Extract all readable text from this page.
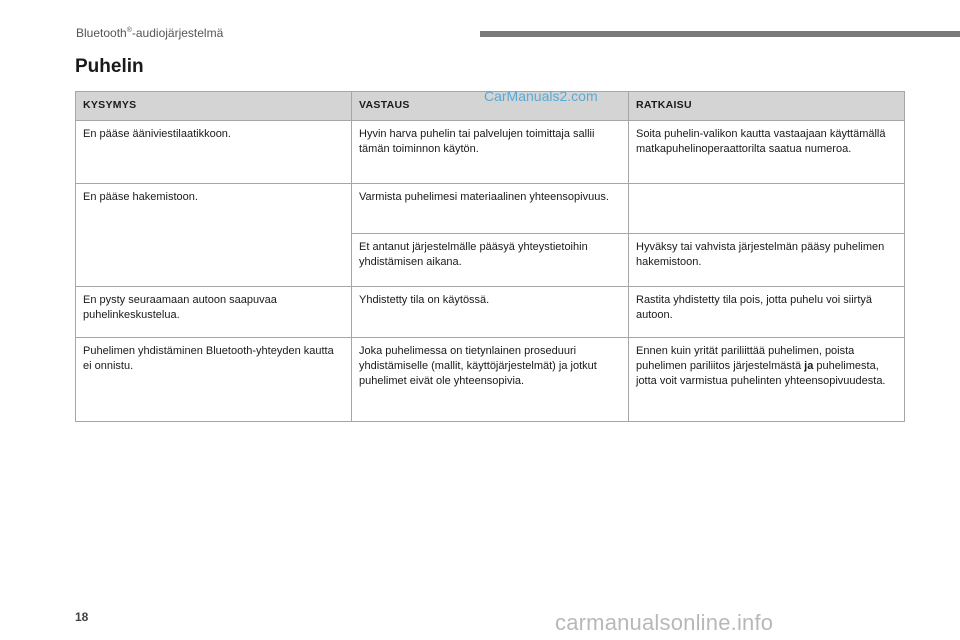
Bluetooth®-audiojärjestelmä
Puhelin
KYSYMYS	VASTAUS	RATKAISU
En pääse ääniviestilaatikkoon.	Hyvin harva puhelin tai palvelujen toimittaja sallii tämän toiminnon käytön.	Soita puhelin-valikon kautta vastaajaan käyttämällä matkapuhelinoperaattorilta saatua numeroa.
En pääse hakemistoon.	Varmista puhelimesi materiaalinen yhteensopivuus.	
	Et antanut järjestelmälle pääsyä yhteystietoihin yhdistämisen aikana.	Hyväksy tai vahvista järjestelmän pääsy puhelimen hakemistoon.
En pysty seuraamaan autoon saapuvaa puhelinkeskustelua.	Yhdistetty tila on käytössä.	Rastita yhdistetty tila pois, jotta puhelu voi siirtyä autoon.
Puhelimen yhdistäminen Bluetooth-yhteyden kautta ei onnistu.	Joka puhelimessa on tietynlainen proseduuri yhdistämiselle (mallit, käyttöjärjestelmät) ja jotkut puhelimet eivät ole yhteensopivia.	Ennen kuin yrität pariliittää puhelimen, poista puhelimen pariliitos järjestelmästä ja puhelimesta, jotta voit varmistua puhelinten yhteensopivuudesta.
CarManuals2.com
18	carmanualsonline.info
